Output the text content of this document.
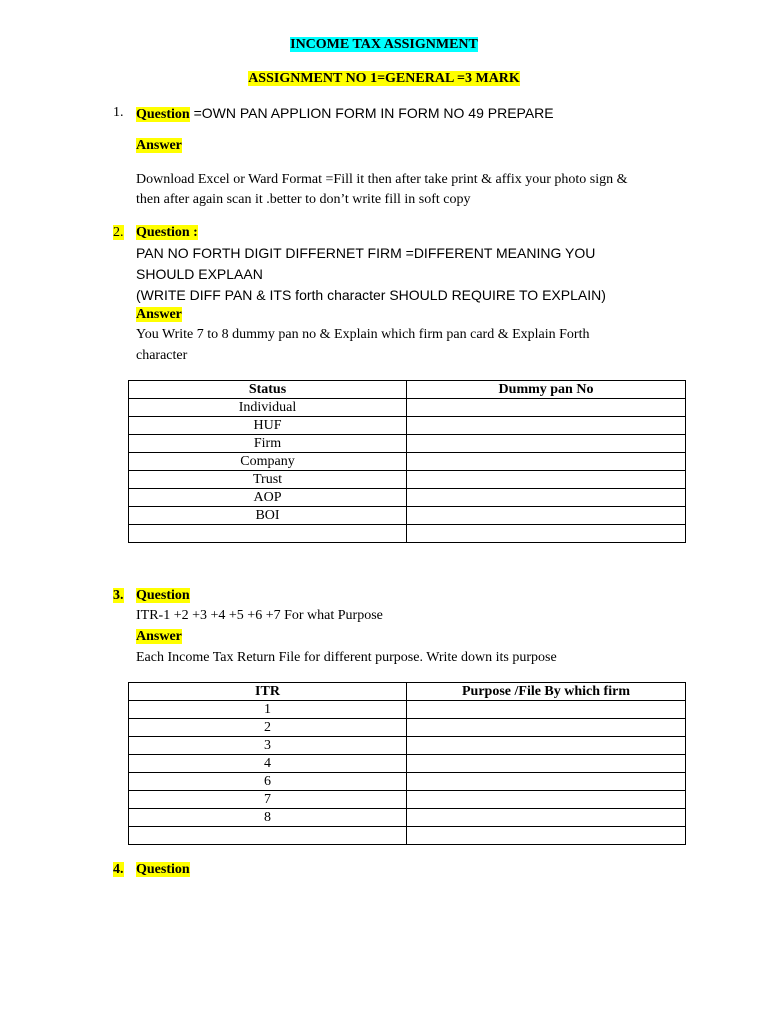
INCOME TAX ASSIGNMENT
ASSIGNMENT NO 1=GENERAL =3 MARK
1. Question =OWN PAN APPLION FORM IN FORM NO 49 PREPARE
Answer
Download Excel or Ward Format =Fill it then after take print & affix your photo sign &
then after again scan it .better to don’t write fill in soft copy
2. Question :
PAN NO FORTH DIGIT DIFFERNET FIRM =DIFFERENT MEANING YOU
SHOULD EXPLAAN
(WRITE DIFF PAN & ITS forth character SHOULD REQUIRE TO EXPLAIN)
Answer
You Write 7 to 8 dummy pan no & Explain which firm pan card & Explain Forth
character
Status	Dummy pan No
Individual	
HUF	
Firm	
Company	
Trust	
AOP	
BOI	

3. Question
ITR-1 +2 +3 +4 +5 +6 +7 For what Purpose
Answer
Each Income Tax Return File for different purpose. Write down its purpose
ITR	Purpose /File By which firm
1	
2	
3	
4	
6	
7	
8	

4. Question
